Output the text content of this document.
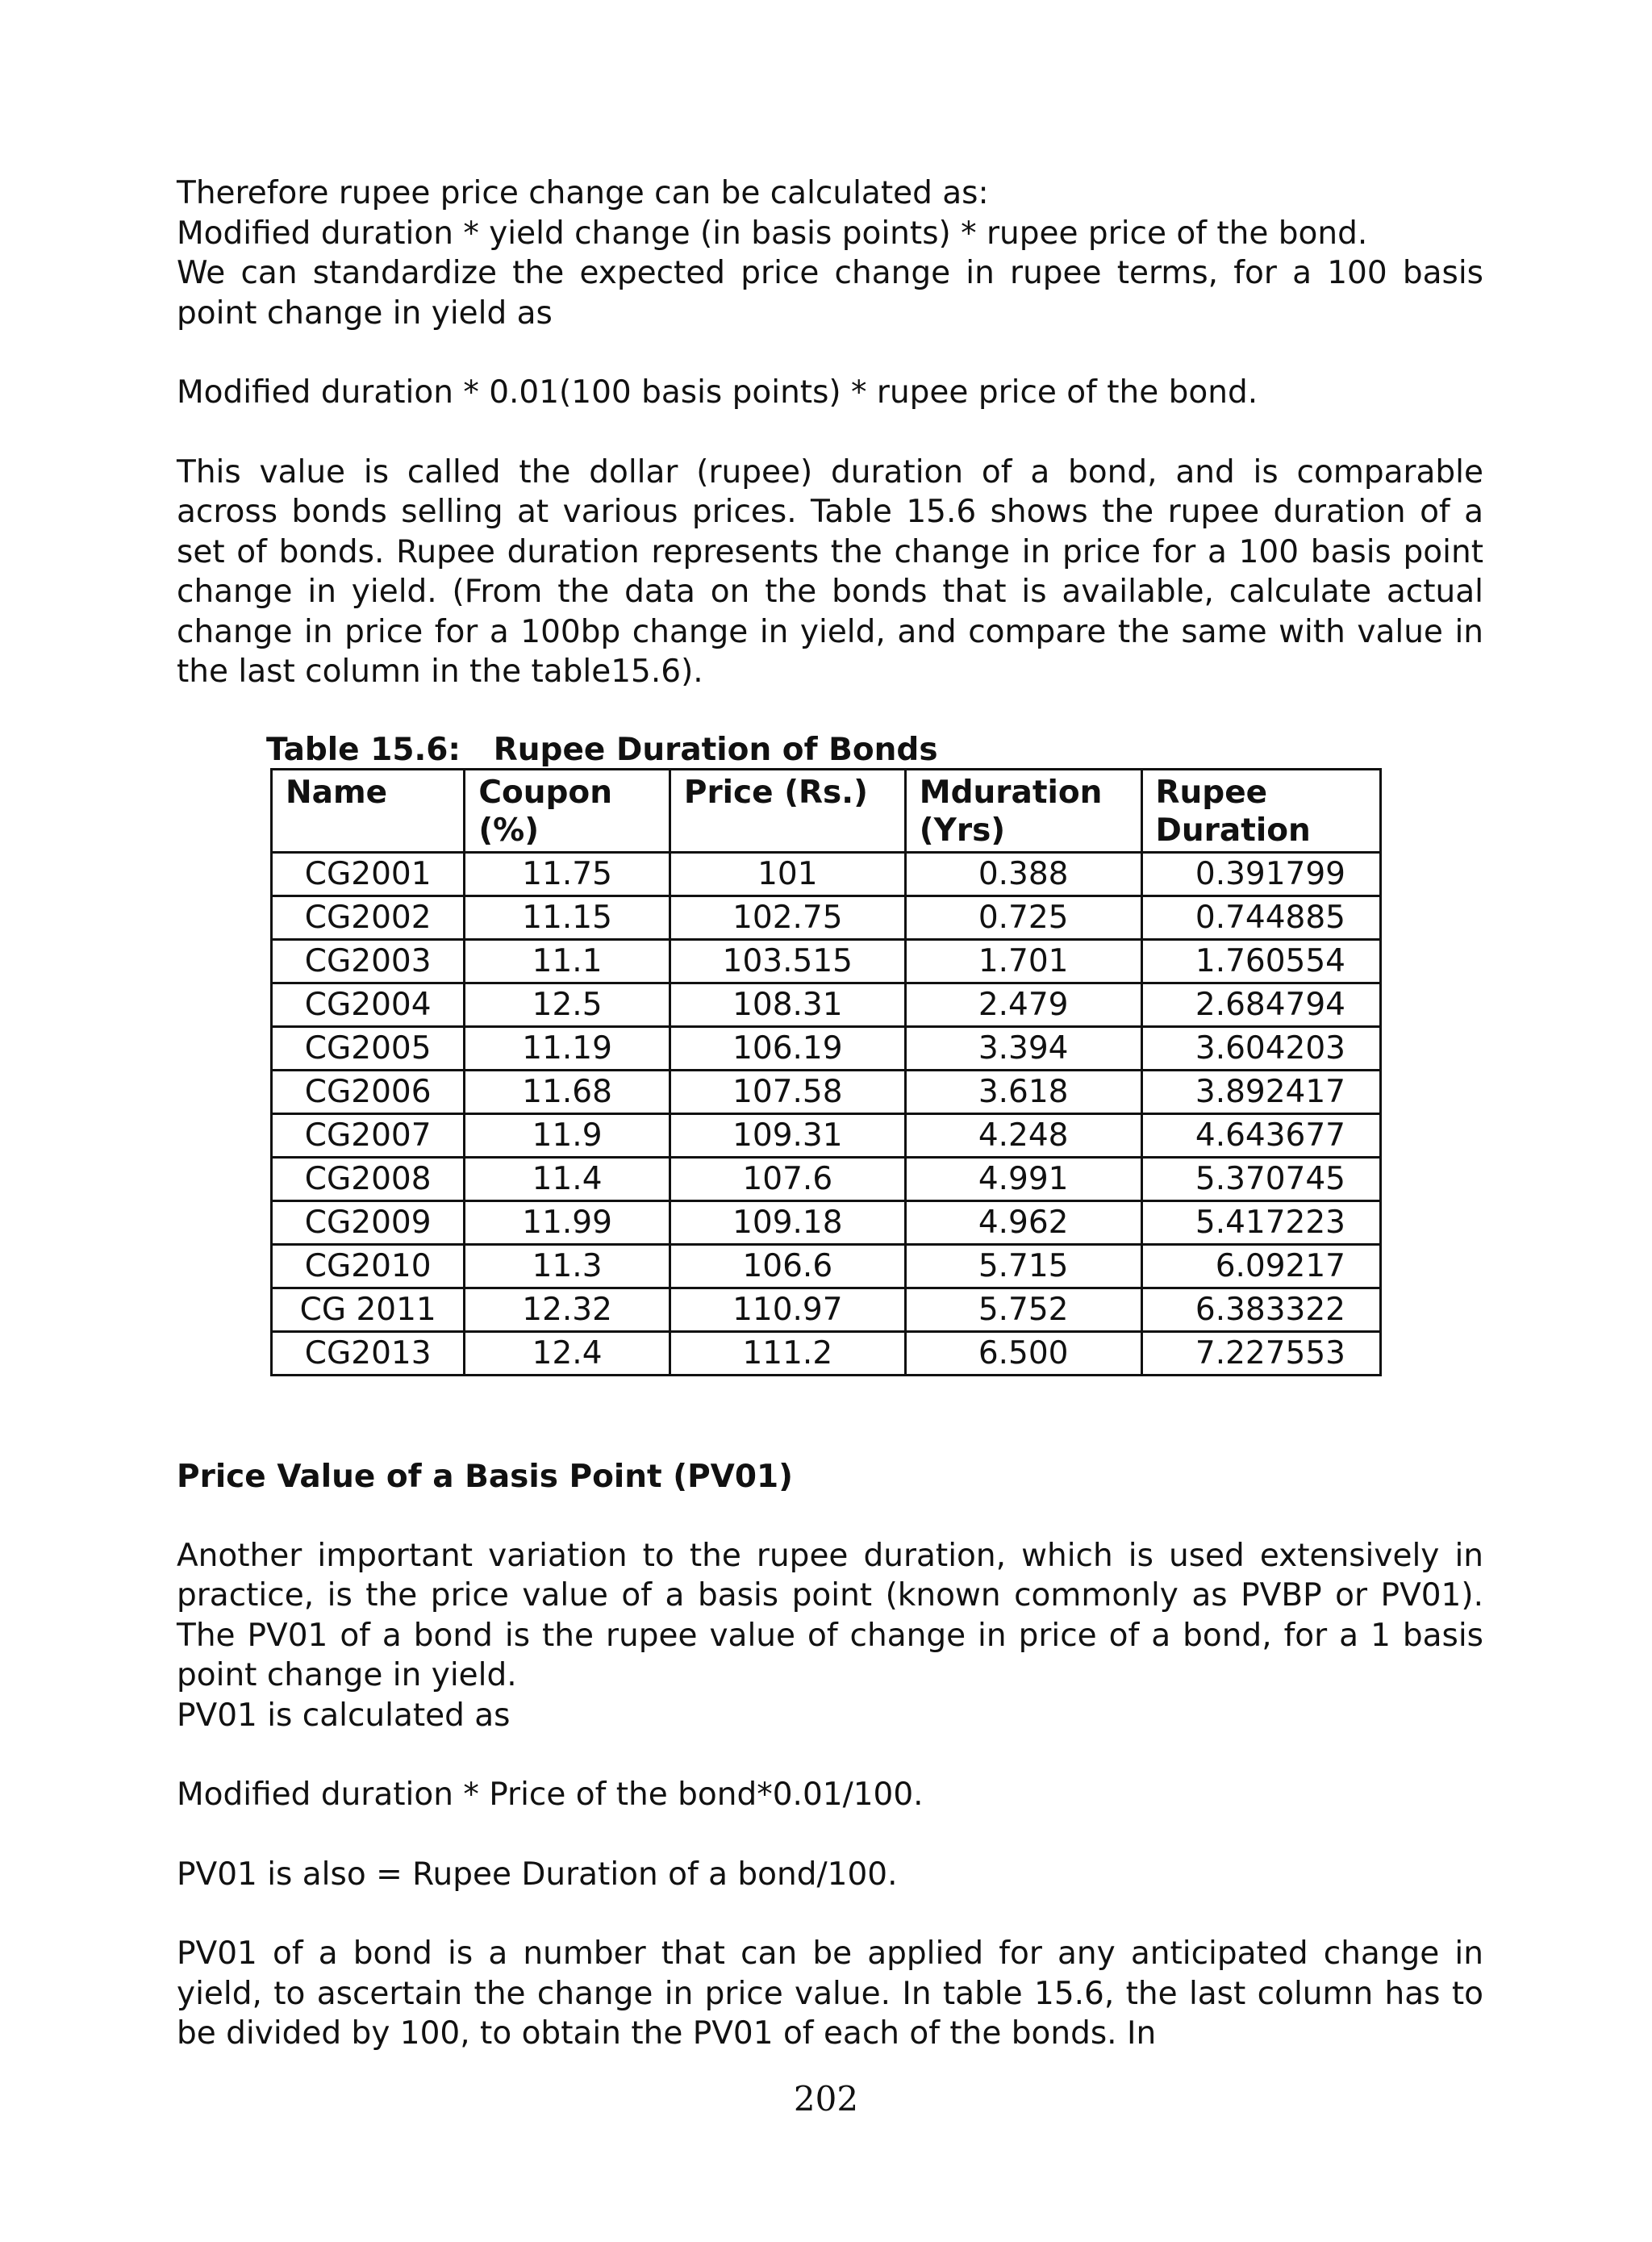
Therefore rupee price change can be calculated as:
Modified duration * yield change (in basis points) * rupee price of the bond.
We can standardize the expected price change in rupee terms, for a 100 basis point change in yield as

Modified duration * 0.01(100 basis points) * rupee price of the bond.

This value is called the dollar (rupee) duration of a bond, and is comparable across bonds selling at various prices. Table 15.6 shows the rupee duration of a set of bonds. Rupee duration represents the change in price for a 100 basis point change in yield. (From the data on the bonds that is available, calculate actual change in price for a 100bp change in yield, and compare the same with value in the last column in the table15.6).

Table 15.6:   Rupee Duration of Bonds
Name	Coupon (%)	Price (Rs.)	Mduration (Yrs)	Rupee Duration
CG2001	11.75	101	0.388	0.391799
CG2002	11.15	102.75	0.725	0.744885
CG2003	11.1	103.515	1.701	1.760554
CG2004	12.5	108.31	2.479	2.684794
CG2005	11.19	106.19	3.394	3.604203
CG2006	11.68	107.58	3.618	3.892417
CG2007	11.9	109.31	4.248	4.643677
CG2008	11.4	107.6	4.991	5.370745
CG2009	11.99	109.18	4.962	5.417223
CG2010	11.3	106.6	5.715	6.09217
CG 2011	12.32	110.97	5.752	6.383322
CG2013	12.4	111.2	6.500	7.227553
Price Value of a Basis Point (PV01)

Another important variation to the rupee duration, which is used extensively in practice, is the price value of a basis point (known commonly as PVBP or PV01). The PV01 of a bond is the rupee value of change in price of a bond, for a 1 basis point change in yield.
PV01 is calculated as

Modified duration * Price of the bond*0.01/100.

PV01 is also = Rupee Duration of a bond/100.

PV01 of a bond is a number that can be applied for any anticipated change in yield, to ascertain the change in price value. In table 15.6, the last column has to be divided by 100, to obtain the PV01 of each of the bonds. In

202
